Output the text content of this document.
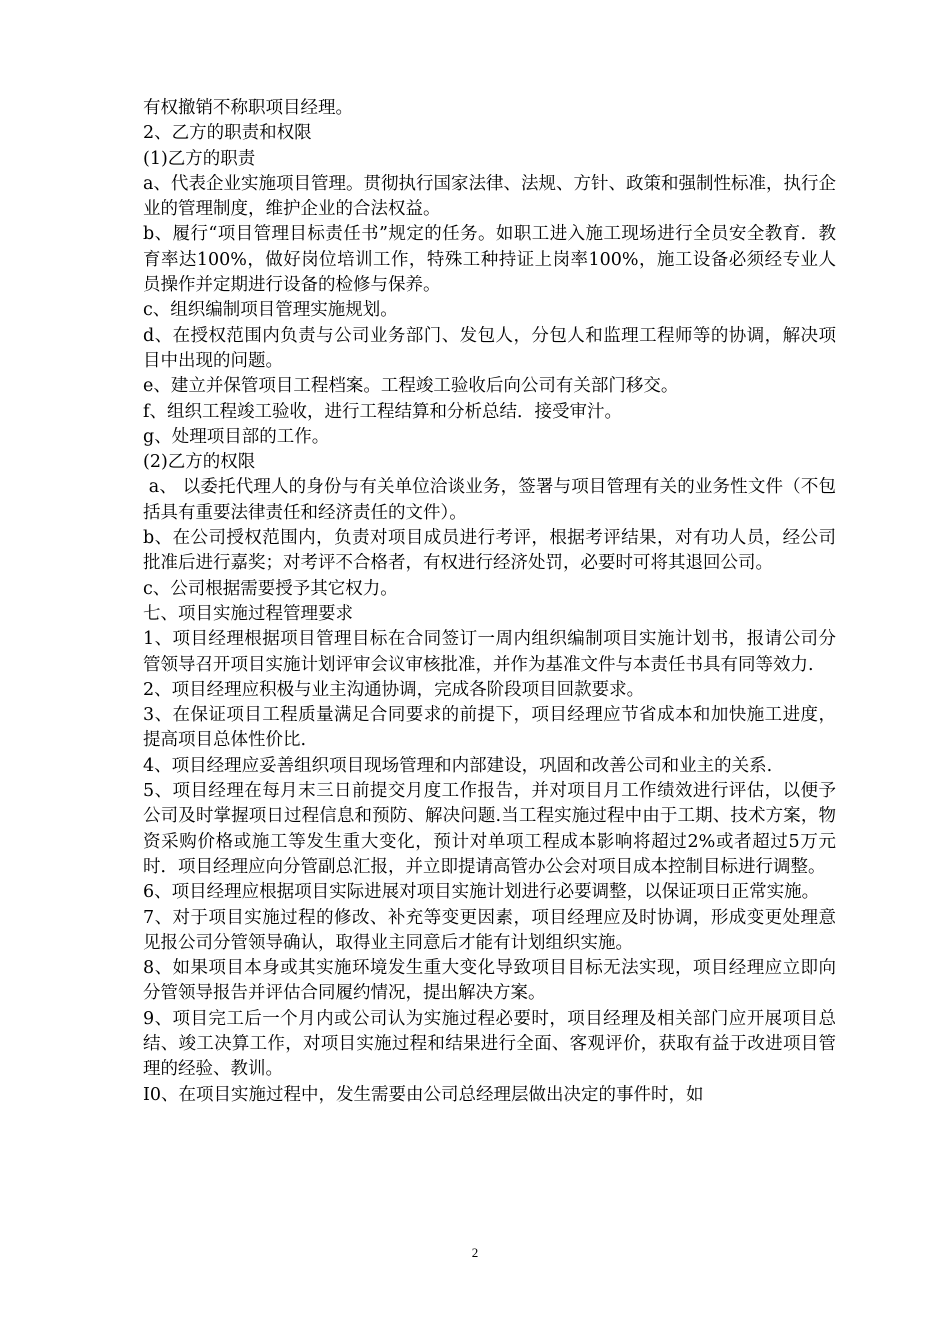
有权撤销不称职项目经理。

2、乙方的职责和权限

(1)乙方的职责

a、代表企业实施项目管理。贯彻执行国家法律、法规、方针、政策和强制性标准，执行企业的管理制度，维护企业的合法权益。

b、履行“项目管理目标责任书”规定的任务。如职工进入施工现场进行全员安全教育．教育率达100%，做好岗位培训工作，特殊工种持证上岗率100%，施工设备必须经专业人员操作并定期进行设备的检修与保养。

c、组织编制项目管理实施规划。

d、在授权范围内负责与公司业务部门、发包人，分包人和监理工程师等的协调，解决项目中出现的问题。

e、建立并保管项目工程档案。工程竣工验收后向公司有关部门移交。

f、组织工程竣工验收，进行工程结算和分析总结．接受审汁。

g、处理项目部的工作。

(2)乙方的权限

a、 以委托代理人的身份与有关单位洽谈业务，签署与项目管理有关的业务性文件（不包括具有重要法律责任和经济责任的文件）。

b、在公司授权范围内，负责对项目成员进行考评，根据考评结果，对有功人员，经公司批准后进行嘉奖；对考评不合格者，有权进行经济处罚，必要时可将其退回公司。

c、公司根据需要授予其它权力。

七、项目实施过程管理要求

1、项目经理根据项目管理目标在合同签订一周内组织编制项目实施计划书，报请公司分管领导召开项目实施计划评审会议审核批准，并作为基准文件与本责任书具有同等效力.

2、项目经理应积极与业主沟通协调，完成各阶段项目回款要求。

3、在保证项目工程质量满足合同要求的前提下，项目经理应节省成本和加快施工进度，提高项目总体性价比.

4、项目经理应妥善组织项目现场管理和内部建设，巩固和改善公司和业主的关系.

5、项目经理在每月末三日前提交月度工作报告，并对项目月工作绩效进行评估，以便予公司及时掌握项日过程信息和预防、解决问题.当工程实施过程中由于工期、技术方案，物资采购价格或施工等发生重大变化，预计对单项工程成本影响将超过2%或者超过5万元时．项目经理应向分管副总汇报，并立即提请高管办公会对项目成本控制目标进行调整。

6、项目经理应根据项目实际进展对项目实施计划进行必要调整，以保证项日正常实施。

7、对于项目实施过程的修改、补充等变更因素，项目经理应及时协调，形成变更处理意见报公司分管领导确认，取得业主同意后才能有计划组织实施。

8、如果项目本身或其实施环境发生重大变化导致项目目标无法实现，项目经理应立即向分管领导报告并评估合同履约情况，提出解决方案。

9、项目完工后一个月内或公司认为实施过程必要时，项目经理及相关部门应开展项目总结、竣工决算工作，对项目实施过程和结果进行全面、客观评价，获取有益于改进项目管理的经验、教训。

I0、在项目实施过程中，发生需要由公司总经理层做出决定的事件时，如

2
